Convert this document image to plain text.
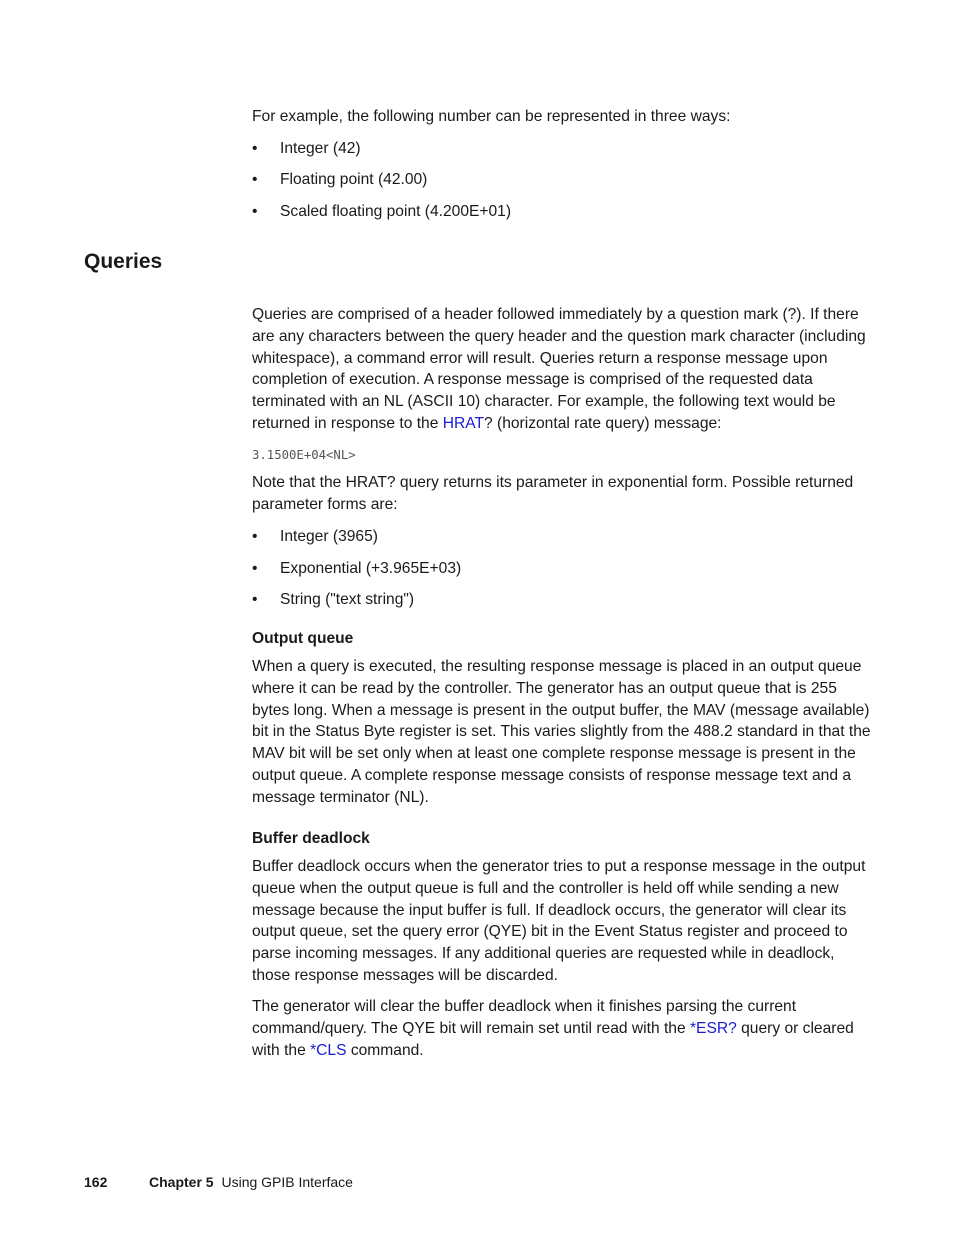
For example, the following number can be represented in three ways:

• Integer (42)
• Floating point (42.00)
• Scaled floating point (4.200E+01)
Queries

Queries are comprised of a header followed immediately by a question mark (?). If there are any characters between the query header and the question mark character (including whitespace), a command error will result. Queries return a response message upon completion of execution. A response message is comprised of the requested data terminated with an NL (ASCII 10) character. For example, the following text would be returned in response to the HRAT? (horizontal rate query) message:

3.1500E+04<NL>

Note that the HRAT? query returns its parameter in exponential form. Possible returned parameter forms are:

• Integer (3965)
• Exponential (+3.965E+03)
• String ("text string")
Output queue

When a query is executed, the resulting response message is placed in an output queue where it can be read by the controller. The generator has an output queue that is 255 bytes long. When a message is present in the output buffer, the MAV (message available) bit in the Status Byte register is set. This varies slightly from the 488.2 standard in that the MAV bit will be set only when at least one complete response message is present in the output queue. A complete response message consists of response message text and a message terminator (NL).

Buffer deadlock

Buffer deadlock occurs when the generator tries to put a response message in the output queue when the output queue is full and the controller is held off while sending a new message because the input buffer is full. If deadlock occurs, the generator will clear its output queue, set the query error (QYE) bit in the Event Status register and proceed to parse incoming messages. If any additional queries are requested while in deadlock, those response messages will be discarded.

The generator will clear the buffer deadlock when it finishes parsing the current command/query. The QYE bit will remain set until read with the *ESR? query or cleared with the *CLS command.

162	Chapter 5 Using GPIB Interface
